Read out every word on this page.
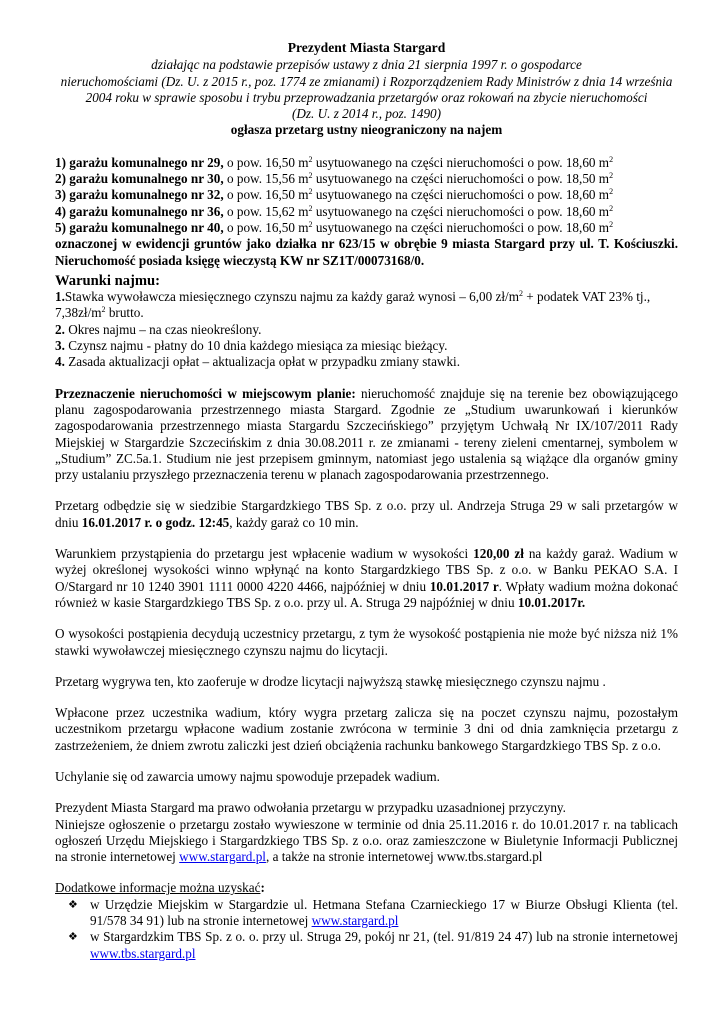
Prezydent Miasta Stargard
działając na podstawie przepisów ustawy z dnia 21 sierpnia 1997 r. o gospodarce
nieruchomościami (Dz. U. z 2015 r., poz. 1774 ze zmianami) i Rozporządzeniem Rady Ministrów z dnia 14 września
2004 roku w sprawie sposobu i trybu przeprowadzania przetargów oraz rokowań na zbycie nieruchomości
(Dz. U. z 2014 r., poz. 1490)
ogłasza przetarg ustny nieograniczony na najem
1) garażu komunalnego nr 29, o pow. 16,50 $m^2$ usytuowanego na części nieruchomości o pow. 18,60 $m^2$
2) garażu komunalnego nr 30, o pow. 15,56 $m^2$ usytuowanego na części nieruchomości o pow. 18,50 $m^2$
3) garażu komunalnego nr 32, o pow. 16,50 $m^2$ usytuowanego na części nieruchomości o pow. 18,60 $m^2$
4) garażu komunalnego nr 36, o pow. 15,62 $m^2$ usytuowanego na części nieruchomości o pow. 18,60 $m^2$
5) garażu komunalnego nr 40, o pow. 16,50 $m^2$ usytuowanego na części nieruchomości o pow. 18,60 $m^2$

oznaczonej w ewidencji gruntów jako działka nr 623/15 w obrębie 9 miasta Stargard przy ul. T. Kościuszki. Nieruchomość posiada księgę wieczystą KW nr SZ1T/00073168/0.

Warunki najmu:
1.Stawka wywoławcza miesięcznego czynszu najmu za każdy garaż wynosi – 6,00 $zł/m^2$ + podatek VAT 23% tj., $7,38zł/m^2$ brutto.
2. Okres najmu – na czas nieokreślony.
3. Czynsz najmu - płatny do 10 dnia każdego miesiąca za miesiąc bieżący.
4. Zasada aktualizacji opłat – aktualizacja opłat w przypadku zmiany stawki.

Przeznaczenie nieruchomości w miejscowym planie: nieruchomość znajduje się na terenie bez obowiązującego planu zagospodarowania przestrzennego miasta Stargard. Zgodnie ze „Studium uwarunkowań i kierunków zagospodarowania przestrzennego miasta Stargardu Szczecińskiego” przyjętym Uchwałą Nr IX/107/2011 Rady Miejskiej w Stargardzie Szczecińskim z dnia 30.08.2011 r. ze zmianami - tereny zieleni cmentarnej, symbolem w „Studium” ZC.5a.1. Studium nie jest przepisem gminnym, natomiast jego ustalenia są wiążące dla organów gminy przy ustalaniu przyszłego przeznaczenia terenu w planach zagospodarowania przestrzennego.

Przetarg odbędzie się w siedzibie Stargardzkiego TBS Sp. z o.o. przy ul. Andrzeja Struga 29 w sali przetargów w dniu 16.01.2017 r. o godz. 12:45, każdy garaż co 10 min.

Warunkiem przystąpienia do przetargu jest wpłacenie wadium w wysokości 120,00 zł na każdy garaż. Wadium w wyżej określonej wysokości winno wpłynąć na konto Stargardzkiego TBS Sp. z o.o. w Banku PEKAO S.A. I O/Stargard nr 10 1240 3901 1111 0000 4220 4466, najpóźniej w dniu 10.01.2017 r. Wpłaty wadium można dokonać również w kasie Stargardzkiego TBS Sp. z o.o. przy ul. A. Struga 29 najpóźniej w dniu 10.01.2017r.

O wysokości postąpienia decydują uczestnicy przetargu, z tym że wysokość postąpienia nie może być niższa niż 1% stawki wywoławczej miesięcznego czynszu najmu do licytacji.

Przetarg wygrywa ten, kto zaoferuje w drodze licytacji najwyższą stawkę miesięcznego czynszu najmu .

Wpłacone przez uczestnika wadium, który wygra przetarg zalicza się na poczet czynszu najmu, pozostałym uczestnikom przetargu wpłacone wadium zostanie zwrócona w terminie 3 dni od dnia zamknięcia przetargu z zastrzeżeniem, że dniem zwrotu zaliczki jest dzień obciążenia rachunku bankowego Stargardzkiego TBS Sp. z o.o.

Uchylanie się od zawarcia umowy najmu spowoduje przepadek wadium.

Prezydent Miasta Stargard ma prawo odwołania przetargu w przypadku uzasadnionej przyczyny.

Niniejsze ogłoszenie o przetargu zostało wywieszone w terminie od dnia 25.11.2016 r. do 10.01.2017 r. na tablicach ogłoszeń Urzędu Miejskiego i Stargardzkiego TBS Sp. z o.o. oraz zamieszczone w Biuletynie Informacji Publicznej na stronie internetowej www.stargard.pl, a także na stronie internetowej www.tbs.stargard.pl

Dodatkowe informacje można uzyskać:

❖ w Urzędzie Miejskim w Stargardzie ul. Hetmana Stefana Czarnieckiego 17 w Biurze Obsługi Klienta (tel. 91/578 34 91) lub na stronie internetowej www.stargard.pl
❖ w Stargardzkim TBS Sp. z o. o. przy ul. Struga 29, pokój nr 21, (tel. 91/819 24 47) lub na stronie internetowej www.tbs.stargard.pl
